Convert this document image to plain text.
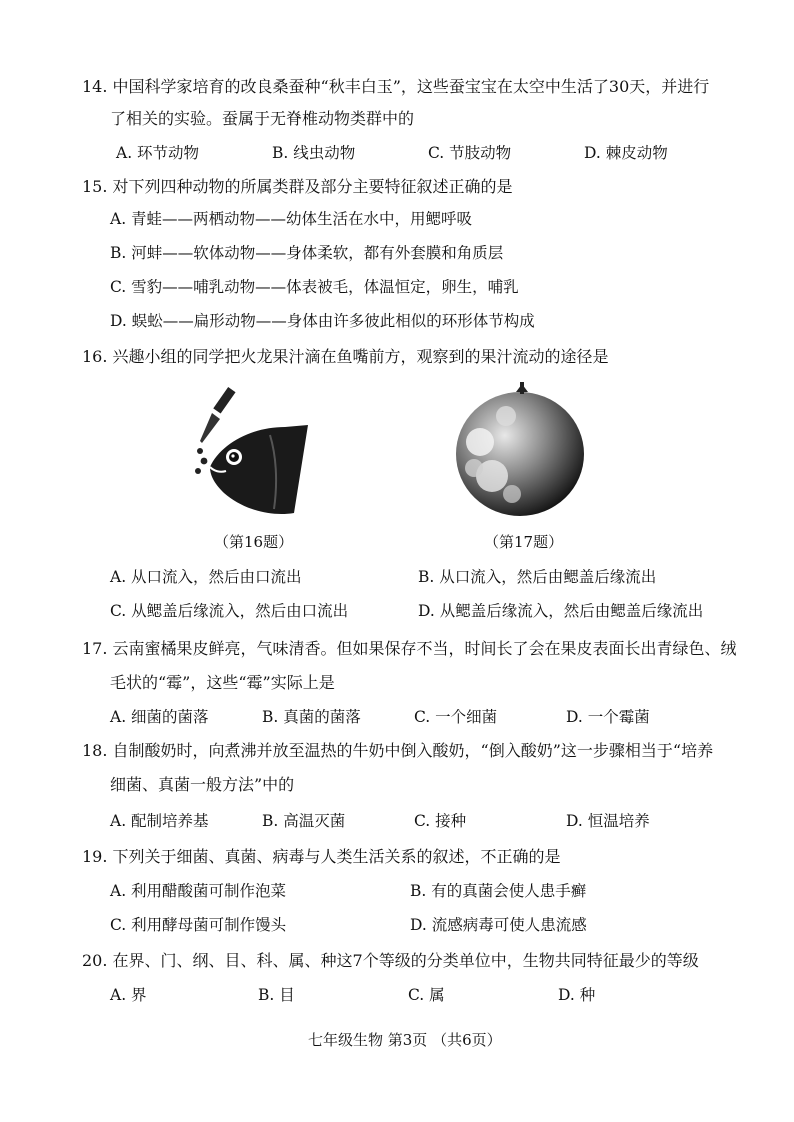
14. 中国科学家培育的改良桑蚕种“秋丰白玉”，这些蚕宝宝在太空中生活了30天，并进行
了相关的实验。蚕属于无脊椎动物类群中的
A. 环节动物	B. 线虫动物	C. 节肢动物	D. 棘皮动物
15. 对下列四种动物的所属类群及部分主要特征叙述正确的是
A. 青蛙——两栖动物——幼体生活在水中，用鳃呼吸
B. 河蚌——软体动物——身体柔软，都有外套膜和角质层
C. 雪豹——哺乳动物——体表被毛，体温恒定，卵生，哺乳
D. 蜈蚣——扁形动物——身体由许多彼此相似的环形体节构成
16. 兴趣小组的同学把火龙果汁滴在鱼嘴前方，观察到的果汁流动的途径是
（第16题）	（第17题）
A. 从口流入，然后由口流出	B. 从口流入，然后由鳃盖后缘流出
C. 从鳃盖后缘流入，然后由口流出	D. 从鳃盖后缘流入，然后由鳃盖后缘流出
17. 云南蜜橘果皮鲜亮，气味清香。但如果保存不当，时间长了会在果皮表面长出青绿色、绒
毛状的“霉”，这些“霉”实际上是
A. 细菌的菌落	B. 真菌的菌落	C. 一个细菌	D. 一个霉菌
18. 自制酸奶时，向煮沸并放至温热的牛奶中倒入酸奶，“倒入酸奶”这一步骤相当于“培养
细菌、真菌一般方法”中的
A. 配制培养基	B. 高温灭菌	C. 接种	D. 恒温培养
19. 下列关于细菌、真菌、病毒与人类生活关系的叙述，不正确的是
A. 利用醋酸菌可制作泡菜	B. 有的真菌会使人患手癣
C. 利用酵母菌可制作馒头	D. 流感病毒可使人患流感
20. 在界、门、纲、目、科、属、种这7个等级的分类单位中，生物共同特征最少的等级
A. 界	B. 目	C. 属	D. 种
七年级生物 第3页 （共6页）
